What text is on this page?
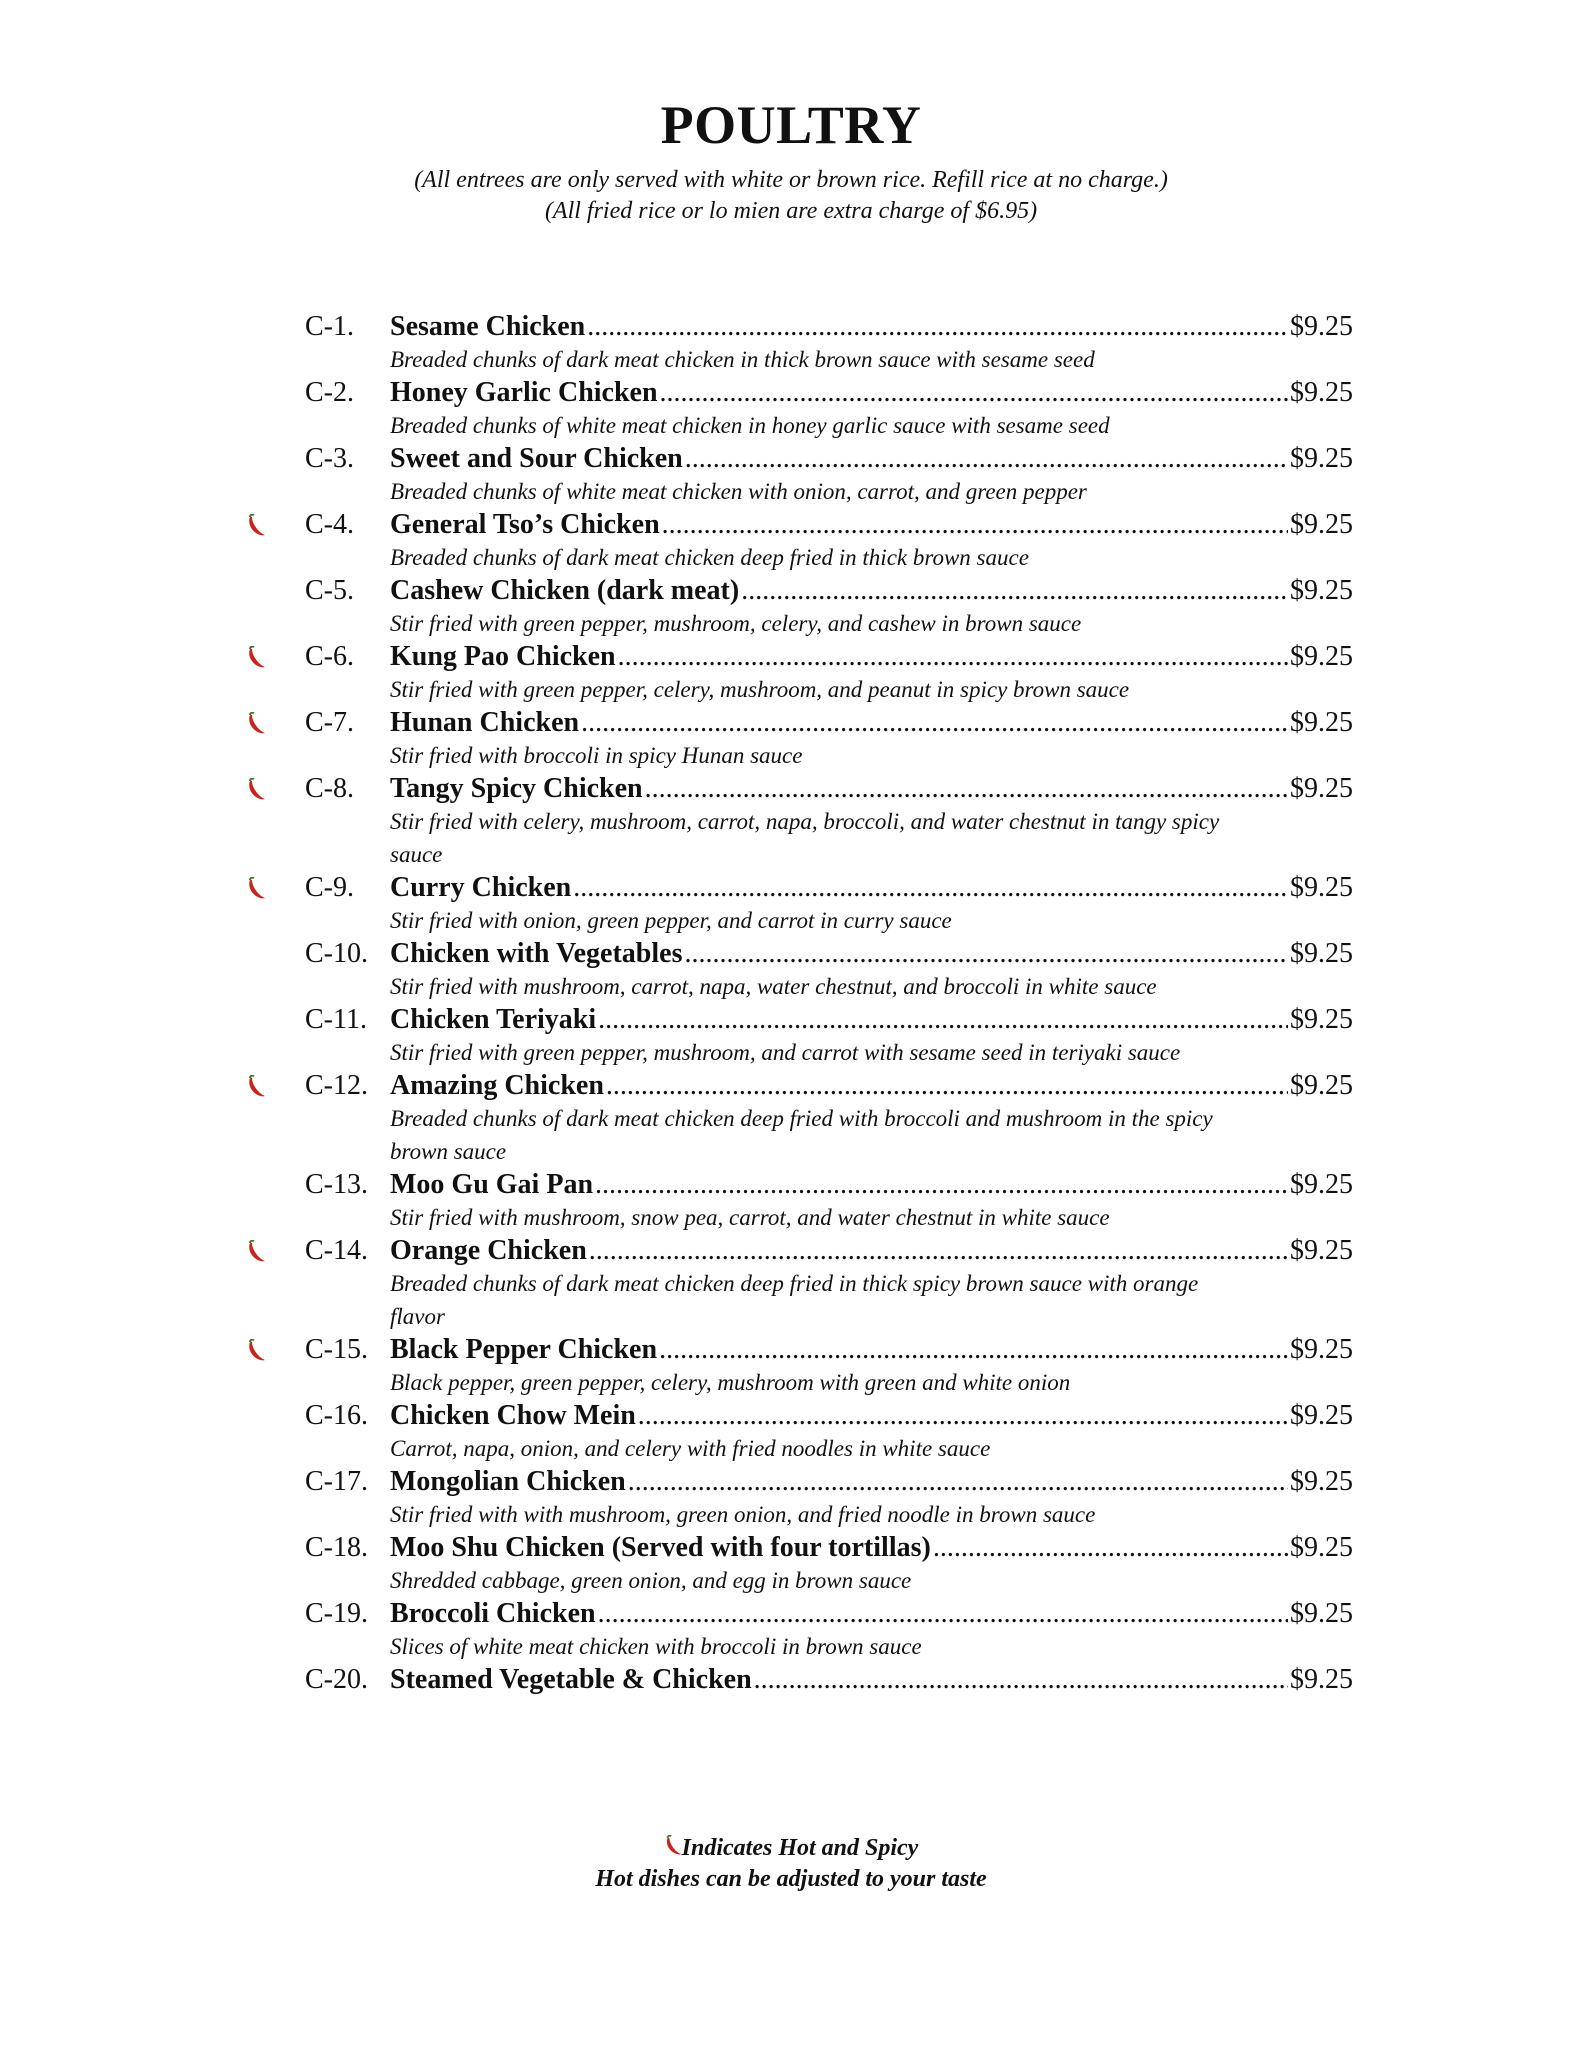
POULTRY
(All entrees are only served with white or brown rice. Refill rice at no charge.)
(All fried rice or lo mien are extra charge of $6.95)
C-1. Sesame Chicken .....	$9.25
Breaded chunks of dark meat chicken in thick brown sauce with sesame seed
C-2. Honey Garlic Chicken .....	$9.25
Breaded chunks of white meat chicken in honey garlic sauce with sesame seed
C-3. Sweet and Sour Chicken .....	$9.25
Breaded chunks of white meat chicken with onion, carrot, and green pepper
C-4. General Tso’s Chicken .....	$9.25
Breaded chunks of dark meat chicken deep fried in thick brown sauce
C-5. Cashew Chicken (dark meat) .....	$9.25
Stir fried with green pepper, mushroom, celery, and cashew in brown sauce
C-6. Kung Pao Chicken .....	$9.25
Stir fried with green pepper, celery, mushroom, and peanut in spicy brown sauce
C-7. Hunan Chicken .....	$9.25
Stir fried with broccoli in spicy Hunan sauce
C-8. Tangy Spicy Chicken .....	$9.25
Stir fried with celery, mushroom, carrot, napa, broccoli, and water chestnut in tangy spicy sauce
C-9. Curry Chicken .....	$9.25
Stir fried with onion, green pepper, and carrot in curry sauce
C-10. Chicken with Vegetables .....	$9.25
Stir fried with mushroom, carrot, napa, water chestnut, and broccoli in white sauce
C-11. Chicken Teriyaki .....	$9.25
Stir fried with green pepper, mushroom, and carrot with sesame seed in teriyaki sauce
C-12. Amazing Chicken .....	$9.25
Breaded chunks of dark meat chicken deep fried with broccoli and mushroom in the spicy brown sauce
C-13. Moo Gu Gai Pan .....	$9.25
Stir fried with mushroom, snow pea, carrot, and water chestnut in white sauce
C-14. Orange Chicken .....	$9.25
Breaded chunks of dark meat chicken deep fried in thick spicy brown sauce with orange flavor
C-15. Black Pepper Chicken .....	$9.25
Black pepper, green pepper, celery, mushroom with green and white onion
C-16. Chicken Chow Mein .....	$9.25
Carrot, napa, onion, and celery with fried noodles in white sauce
C-17. Mongolian Chicken .....	$9.25
Stir fried with with mushroom, green onion, and fried noodle in brown sauce
C-18. Moo Shu Chicken (Served with four tortillas) .....	$9.25
Shredded cabbage, green onion, and egg in brown sauce
C-19. Broccoli Chicken .....	$9.25
Slices of white meat chicken with broccoli in brown sauce
C-20. Steamed Vegetable & Chicken .....	$9.25
Indicates Hot and Spicy
Hot dishes can be adjusted to your taste
